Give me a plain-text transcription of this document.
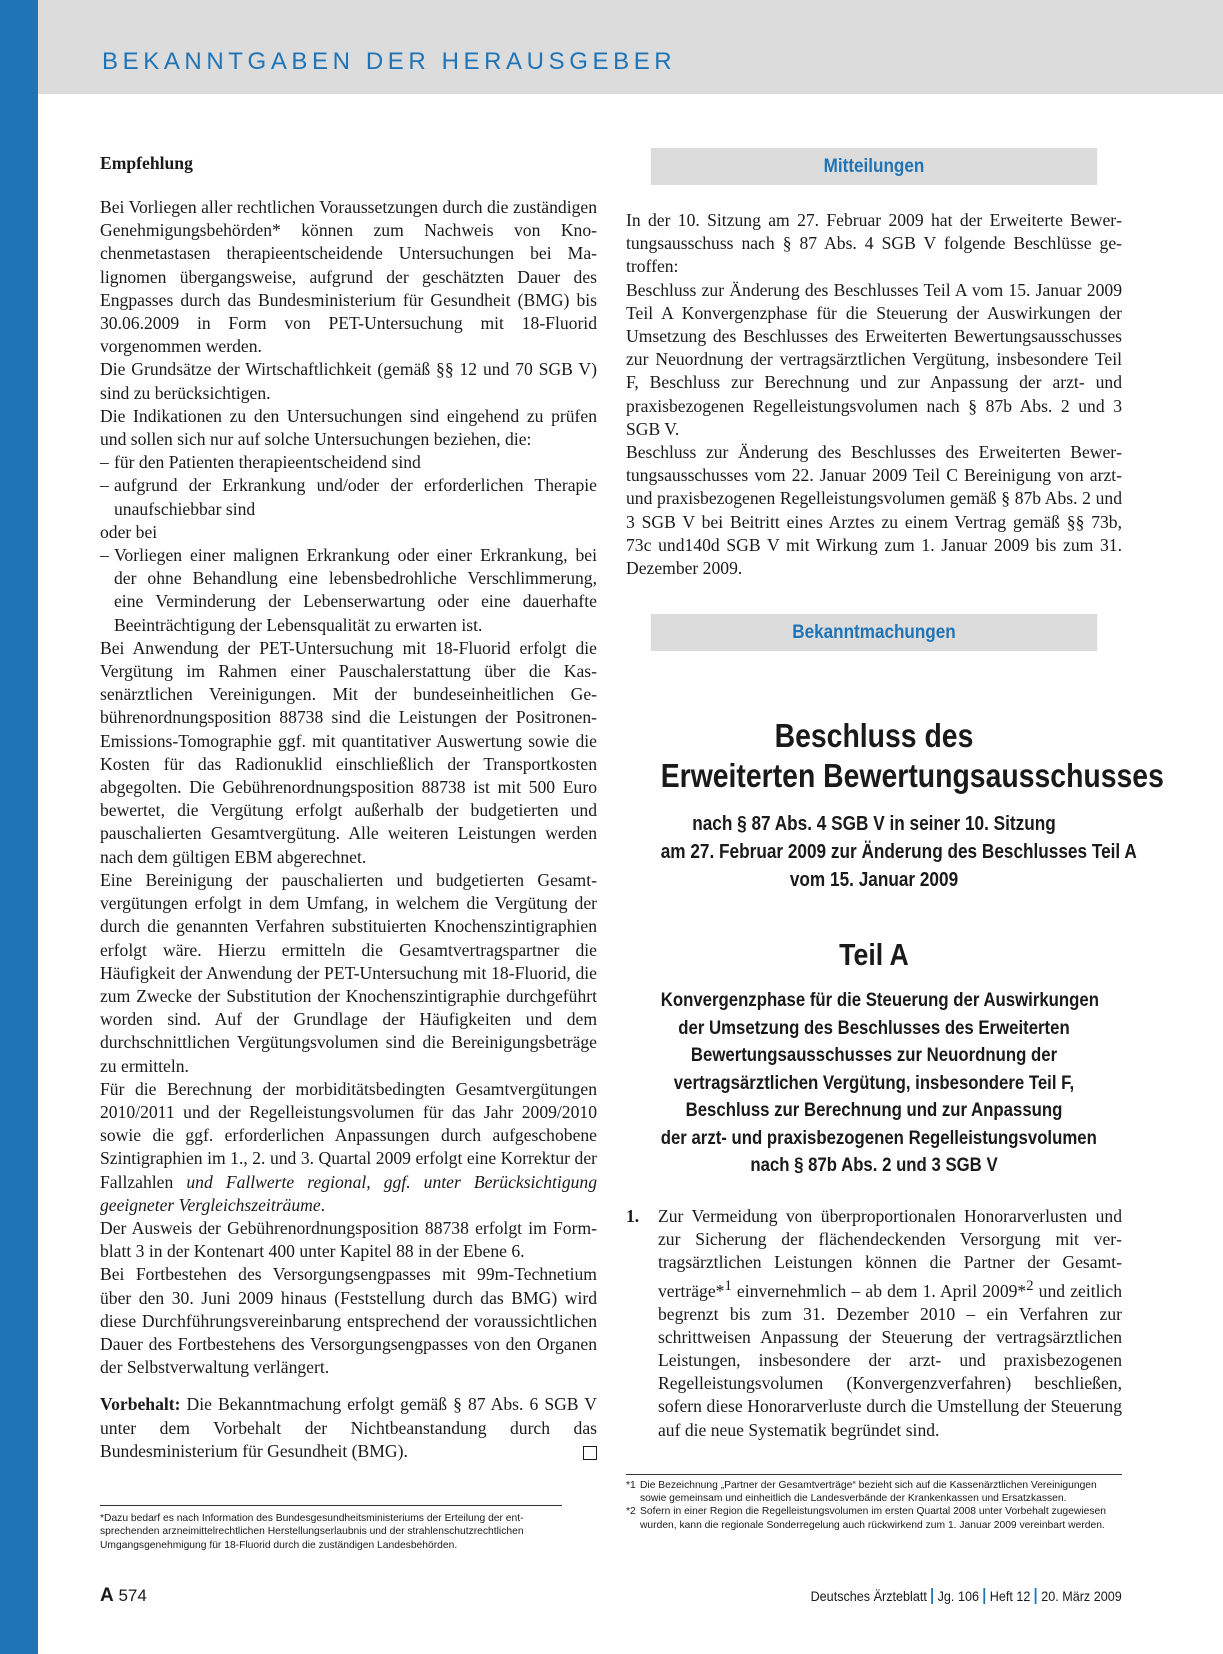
BEKANNTGABEN DER HERAUSGEBER

Empfehlung

Bei Vorliegen aller rechtlichen Voraussetzungen durch die zuständigen Genehmigungsbehörden* können zum Nachweis von Knochenmetastasen therapieentscheidende Untersuchungen bei Malignomen übergangsweise, aufgrund der geschätzten Dauer des Engpasses durch das Bundesministerium für Gesundheit (BMG) bis 30.06.2009 in Form von PET-Untersuchung mit 18-Fluorid vorgenommen werden.

Die Grundsätze der Wirtschaftlichkeit (gemäß §§ 12 und 70 SGB V) sind zu berücksichtigen.

Die Indikationen zu den Untersuchungen sind eingehend zu prüfen und sollen sich nur auf solche Untersuchungen beziehen, die:

– für den Patienten therapieentscheidend sind
– aufgrund der Erkrankung und/oder der erforderlichen Therapie unaufschiebbar sind

oder bei

– Vorliegen einer malignen Erkrankung oder einer Erkrankung, bei der ohne Behandlung eine lebensbedrohliche Verschlimmerung, eine Verminderung der Lebenserwartung oder eine dauerhafte Beeinträchtigung der Lebensqualität zu erwarten ist.

Bei Anwendung der PET-Untersuchung mit 18-Fluorid erfolgt die Vergütung im Rahmen einer Pauschalerstattung über die Kassenärztlichen Vereinigungen. Mit der bundeseinheitlichen Gebührenordnungsposition 88738 sind die Leistungen der Positronen-Emissions-Tomographie ggf. mit quantitativer Auswertung sowie die Kosten für das Radionuklid einschließlich der Transportkosten abgegolten. Die Gebührenordnungsposition 88738 ist mit 500 Euro bewertet, die Vergütung erfolgt außerhalb der budgetierten und pauschalierten Gesamtvergütung. Alle weiteren Leistungen werden nach dem gültigen EBM abgerechnet.

Eine Bereinigung der pauschalierten und budgetierten Gesamtvergütungen erfolgt in dem Umfang, in welchem die Vergütung der durch die genannten Verfahren substituierten Knochenszintigraphien erfolgt wäre. Hierzu ermitteln die Gesamtvertragspartner die Häufigkeit der Anwendung der PET-Untersuchung mit 18-Fluorid, die zum Zwecke der Substitution der Knochenszintigraphie durchgeführt worden sind. Auf der Grundlage der Häufigkeiten und dem durchschnittlichen Vergütungsvolumen sind die Bereinigungsbeträge zu ermitteln.

Für die Berechnung der morbiditätsbedingten Gesamtvergütungen 2010/2011 und der Regelleistungsvolumen für das Jahr 2009/2010 sowie die ggf. erforderlichen Anpassungen durch aufgeschobene Szintigraphien im 1., 2. und 3. Quartal 2009 erfolgt eine Korrektur der Fallzahlen und Fallwerte regional, ggf. unter Berücksichtigung geeigneter Vergleichszeiträume.

Der Ausweis der Gebührenordnungsposition 88738 erfolgt im Formblatt 3 in der Kontenart 400 unter Kapitel 88 in der Ebene 6.

Bei Fortbestehen des Versorgungsengpasses mit 99m-Technetium über den 30. Juni 2009 hinaus (Feststellung durch das BMG) wird diese Durchführungsvereinbarung entsprechend der voraussichtlichen Dauer des Fortbestehens des Versorgungsengpasses von den Organen der Selbstverwaltung verlängert.

Vorbehalt: Die Bekanntmachung erfolgt gemäß § 87 Abs. 6 SGB V unter dem Vorbehalt der Nichtbeanstandung durch das Bundesministerium für Gesundheit (BMG).

*Dazu bedarf es nach Information des Bundesgesundheitsministeriums der Erteilung der entsprechenden arzneimittelrechtlichen Herstellungserlaubnis und der strahlenschutzrechtlichen Umgangsgenehmigung für 18-Fluorid durch die zuständigen Landesbehörden.
Mitteilungen

In der 10. Sitzung am 27. Februar 2009 hat der Erweiterte Bewertungsausschuss nach § 87 Abs. 4 SGB V folgende Beschlüsse getroffen:

Beschluss zur Änderung des Beschlusses Teil A vom 15. Januar 2009 Teil A Konvergenzphase für die Steuerung der Auswirkungen der Umsetzung des Beschlusses des Erweiterten Bewertungsausschusses zur Neuordnung der vertragsärztlichen Vergütung, insbesondere Teil F, Beschluss zur Berechnung und zur Anpassung der arzt- und praxisbezogenen Regelleistungsvolumen nach § 87b Abs. 2 und 3 SGB V.

Beschluss zur Änderung des Beschlusses des Erweiterten Bewertungsausschusses vom 22. Januar 2009 Teil C Bereinigung von arzt- und praxisbezogenen Regelleistungsvolumen gemäß § 87b Abs. 2 und 3 SGB V bei Beitritt eines Arztes zu einem Vertrag gemäß §§ 73b, 73c und140d SGB V mit Wirkung zum 1. Januar 2009 bis zum 31. Dezember 2009.

Bekanntmachungen
Beschluss des
Erweiterten Bewertungsausschusses
nach § 87 Abs. 4 SGB V in seiner 10. Sitzung
am 27. Februar 2009 zur Änderung des Beschlusses Teil A
vom 15. Januar 2009
Teil A
Konvergenzphase für die Steuerung der Auswirkungen
der Umsetzung des Beschlusses des Erweiterten
Bewertungsausschusses zur Neuordnung der
vertragsärztlichen Vergütung, insbesondere Teil F,
Beschluss zur Berechnung und zur Anpassung
der arzt- und praxisbezogenen Regelleistungsvolumen
nach § 87b Abs. 2 und 3 SGB V
1.	Zur Vermeidung von überproportionalen Honorarverlusten und zur Sicherung der flächendeckenden Versorgung mit vertragsärztlichen Leistungen können die Partner der Gesamtverträge*$^1$ einvernehmlich – ab dem 1. April 2009*$^2$ und zeitlich begrenzt bis zum 31. Dezember 2010 – ein Verfahren zur schrittweisen Anpassung der Steuerung der vertragsärztlichen Leistungen, insbesondere der arzt- und praxisbezogenen Regelleistungsvolumen (Konvergenzverfahren) beschließen, sofern diese Honorarverluste durch die Umstellung der Steuerung auf die neue Systematik begründet sind.

*1 Die Bezeichnung „Partner der Gesamtverträge“ bezieht sich auf die Kassenärztlichen Vereinigungen sowie gemeinsam und einheitlich die Landesverbände der Krankenkassen und Ersatzkassen.
*2 Sofern in einer Region die Regelleistungsvolumen im ersten Quartal 2008 unter Vorbehalt zugewiesen wurden, kann die regionale Sonderregelung auch rückwirkend zum 1. Januar 2009 vereinbart werden.
A 574	Deutsches Ärzteblatt Jg. 106 Heft 12 20. März 2009
